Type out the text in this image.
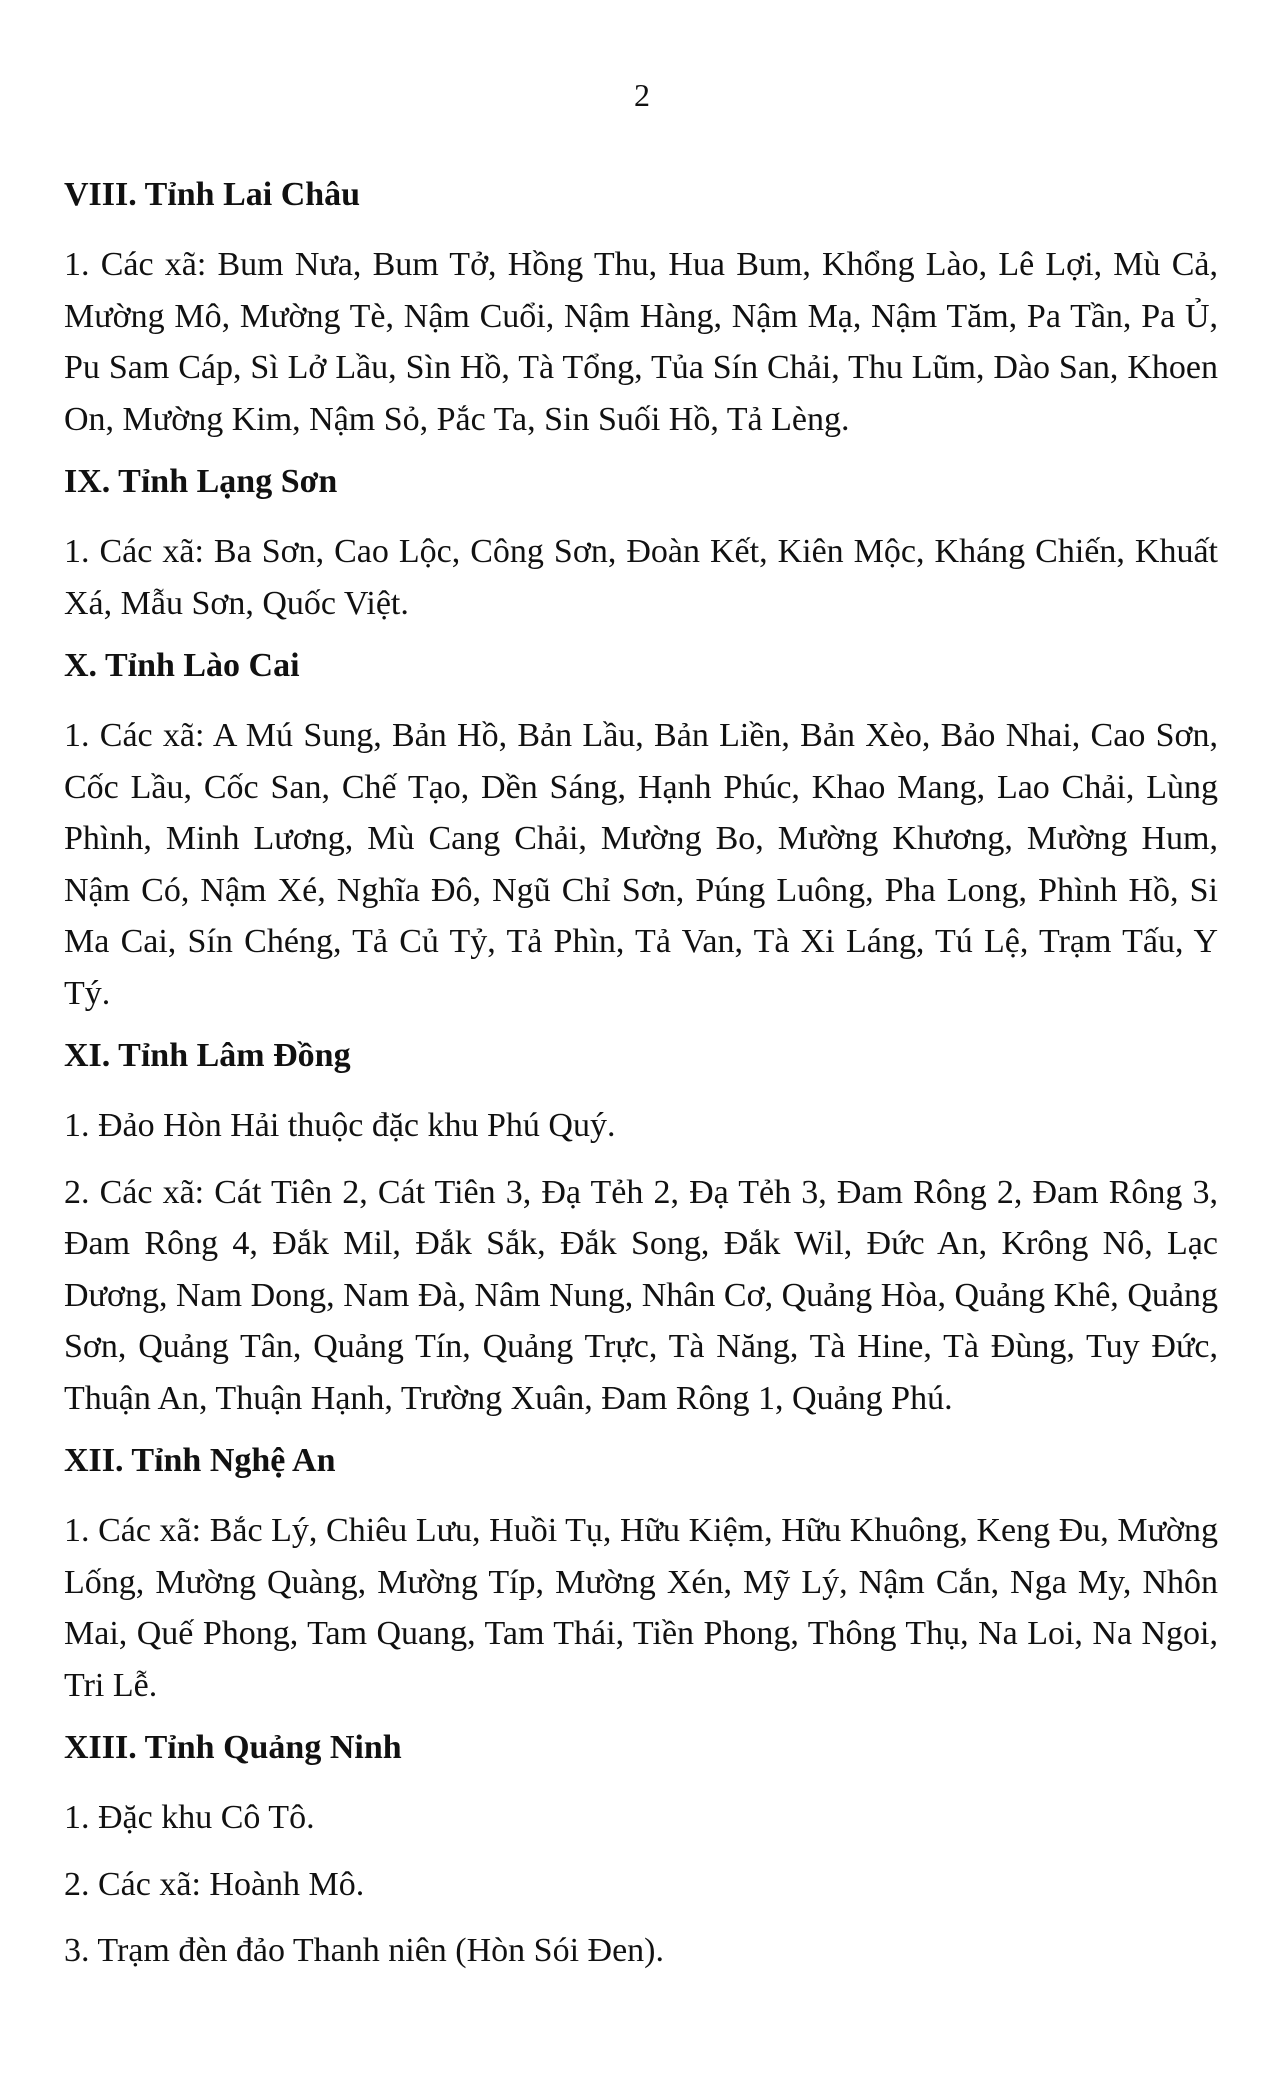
2
VIII. Tỉnh Lai Châu
1. Các xã: Bum Nưa, Bum Tở, Hồng Thu, Hua Bum, Khổng Lào, Lê Lợi, Mù Cả, Mường Mô, Mường Tè, Nậm Cuổi, Nậm Hàng, Nậm Mạ, Nậm Tăm, Pa Tần, Pa Ủ, Pu Sam Cáp, Sì Lở Lầu, Sìn Hồ, Tà Tổng, Tủa Sín Chải, Thu Lũm, Dào San, Khoen On, Mường Kim, Nậm Sỏ, Pắc Ta, Sin Suối Hồ, Tả Lèng.
IX. Tỉnh Lạng Sơn
1. Các xã: Ba Sơn, Cao Lộc, Công Sơn, Đoàn Kết, Kiên Mộc, Kháng Chiến, Khuất Xá, Mẫu Sơn, Quốc Việt.
X. Tỉnh Lào Cai
1. Các xã: A Mú Sung, Bản Hồ, Bản Lầu, Bản Liền, Bản Xèo, Bảo Nhai, Cao Sơn, Cốc Lầu, Cốc San, Chế Tạo, Dền Sáng, Hạnh Phúc, Khao Mang, Lao Chải, Lùng Phình, Minh Lương, Mù Cang Chải, Mường Bo, Mường Khương, Mường Hum, Nậm Có, Nậm Xé, Nghĩa Đô, Ngũ Chỉ Sơn, Púng Luông, Pha Long, Phình Hồ, Si Ma Cai, Sín Chéng, Tả Củ Tỷ, Tả Phìn, Tả Van, Tà Xi Láng, Tú Lệ, Trạm Tấu, Y Tý.
XI. Tỉnh Lâm Đồng
1. Đảo Hòn Hải thuộc đặc khu Phú Quý.
2. Các xã: Cát Tiên 2, Cát Tiên 3, Đạ Tẻh 2, Đạ Tẻh 3, Đam Rông 2, Đam Rông 3, Đam Rông 4, Đắk Mil, Đắk Sắk, Đắk Song, Đắk Wil, Đức An, Krông Nô, Lạc Dương, Nam Dong, Nam Đà, Nâm Nung, Nhân Cơ, Quảng Hòa, Quảng Khê, Quảng Sơn, Quảng Tân, Quảng Tín, Quảng Trực, Tà Năng, Tà Hine, Tà Đùng, Tuy Đức, Thuận An, Thuận Hạnh, Trường Xuân, Đam Rông 1, Quảng Phú.
XII. Tỉnh Nghệ An
1. Các xã: Bắc Lý, Chiêu Lưu, Huồi Tụ, Hữu Kiệm, Hữu Khuông, Keng Đu, Mường Lống, Mường Quàng, Mường Típ, Mường Xén, Mỹ Lý, Nậm Cắn, Nga My, Nhôn Mai, Quế Phong, Tam Quang, Tam Thái, Tiền Phong, Thông Thụ, Na Loi, Na Ngoi, Tri Lễ.
XIII. Tỉnh Quảng Ninh
1. Đặc khu Cô Tô.
2. Các xã: Hoành Mô.
3. Trạm đèn đảo Thanh niên (Hòn Sói Đen).
